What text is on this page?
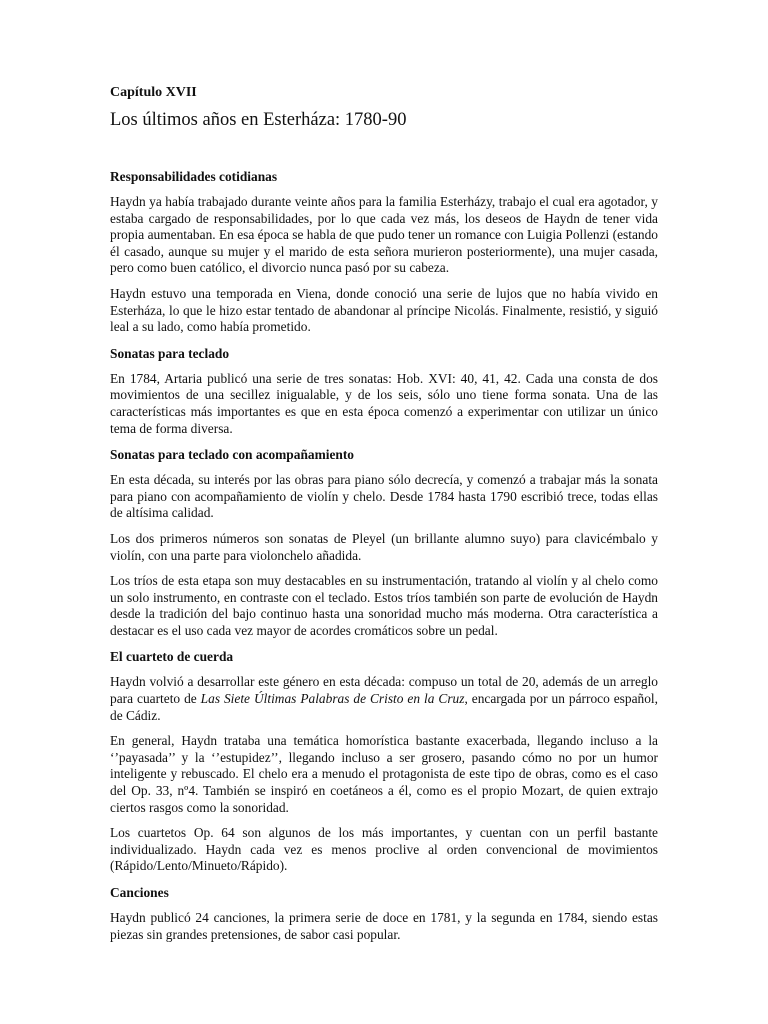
Capítulo XVII
Los últimos años en Esterháza: 1780-90
Responsabilidades cotidianas

Haydn ya había trabajado durante veinte años para la familia Esterházy, trabajo el cual era agotador, y estaba cargado de responsabilidades, por lo que cada vez más, los deseos de Haydn de tener vida propia aumentaban. En esa época se habla de que pudo tener un romance con Luigia Pollenzi (estando él casado, aunque su mujer y el marido de esta señora murieron posteriormente), una mujer casada, pero como buen católico, el divorcio nunca pasó por su cabeza.

Haydn estuvo una temporada en Viena, donde conoció una serie de lujos que no había vivido en Esterháza, lo que le hizo estar tentado de abandonar al príncipe Nicolás. Finalmente, resistió, y siguió leal a su lado, como había prometido.

Sonatas para teclado

En 1784, Artaria publicó una serie de tres sonatas: Hob. XVI: 40, 41, 42. Cada una consta de dos movimientos de una secillez inigualable, y de los seis, sólo uno tiene forma sonata. Una de las características más importantes es que en esta época comenzó a experimentar con utilizar un único tema de forma diversa.

Sonatas para teclado con acompañamiento

En esta década, su interés por las obras para piano sólo decrecía, y comenzó a trabajar más la sonata para piano con acompañamiento de violín y chelo. Desde 1784 hasta 1790 escribió trece, todas ellas de altísima calidad.

Los dos primeros números son sonatas de Pleyel (un brillante alumno suyo) para clavicémbalo y violín, con una parte para violonchelo añadida.

Los tríos de esta etapa son muy destacables en su instrumentación, tratando al violín y al chelo como un solo instrumento, en contraste con el teclado. Estos tríos también son parte de evolución de Haydn desde la tradición del bajo continuo hasta una sonoridad mucho más moderna. Otra característica a destacar es el uso cada vez mayor de acordes cromáticos sobre un pedal.

El cuarteto de cuerda

Haydn volvió a desarrollar este género en esta década: compuso un total de 20, además de un arreglo para cuarteto de Las Siete Últimas Palabras de Cristo en la Cruz, encargada por un párroco español, de Cádiz.

En general, Haydn trataba una temática homorística bastante exacerbada, llegando incluso a la ‘’payasada’’ y la ‘’estupidez’’, llegando incluso a ser grosero, pasando cómo no por un humor inteligente y rebuscado. El chelo era a menudo el protagonista de este tipo de obras, como es el caso del Op. 33, nº4. También se inspiró en coetáneos a él, como es el propio Mozart, de quien extrajo ciertos rasgos como la sonoridad.

Los cuartetos Op. 64 son algunos de los más importantes, y cuentan con un perfil bastante individualizado. Haydn cada vez es menos proclive al orden convencional de movimientos (Rápido/Lento/Minueto/Rápido).

Canciones

Haydn publicó 24 canciones, la primera serie de doce en 1781, y la segunda en 1784, siendo estas piezas sin grandes pretensiones, de sabor casi popular.
